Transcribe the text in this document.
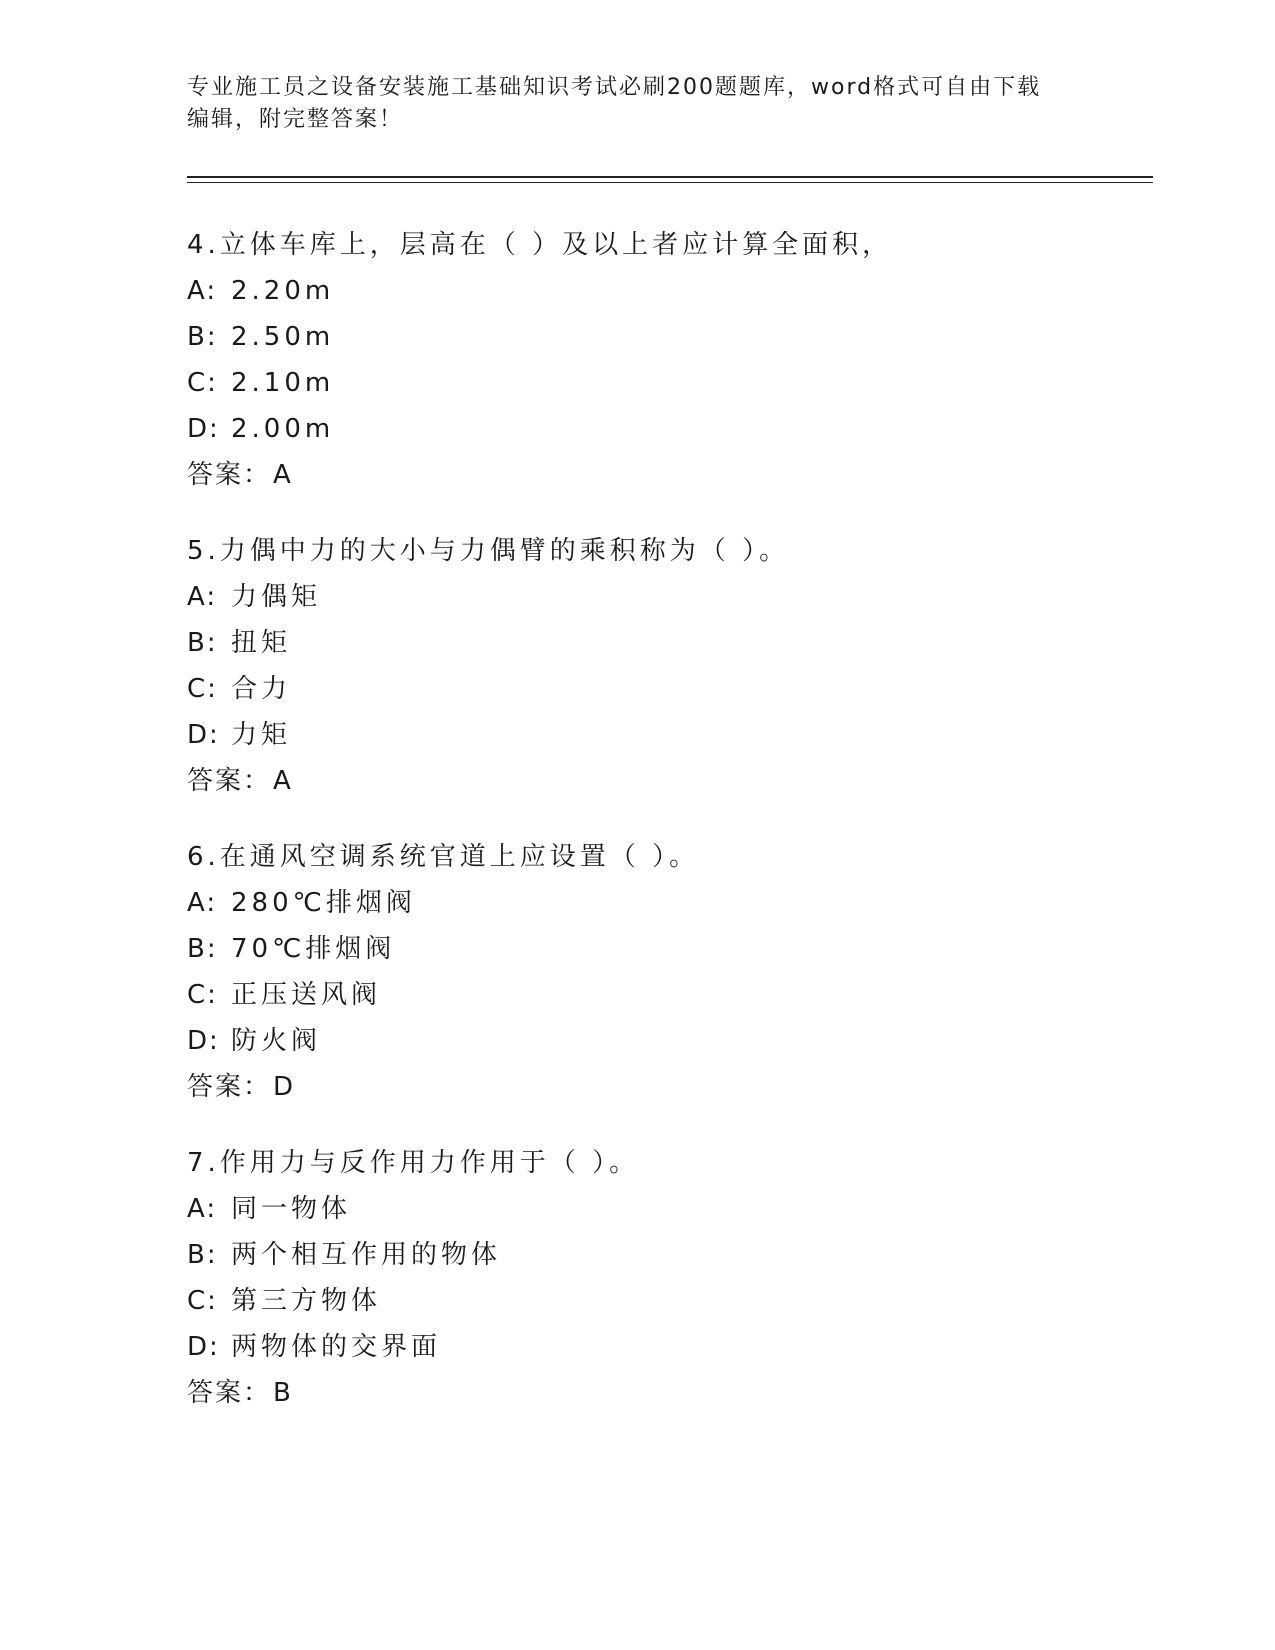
专业施工员之设备安装施工基础知识考试必刷200题题库，word格式可自由下载
编辑，附完整答案！
4.立体车库上，层高在（ ）及以上者应计算全面积，
A: 2.20m
B: 2.50m
C: 2.10m
D: 2.00m
答案：A
5.力偶中力的大小与力偶臂的乘积称为（ ）。
A: 力偶矩
B: 扭矩
C: 合力
D: 力矩
答案：A
6.在通风空调系统官道上应设置（ ）。
A: 280℃排烟阀
B: 70℃排烟阀
C: 正压送风阀
D: 防火阀
答案：D
7.作用力与反作用力作用于（ ）。
A: 同一物体
B: 两个相互作用的物体
C: 第三方物体
D: 两物体的交界面
答案：B
